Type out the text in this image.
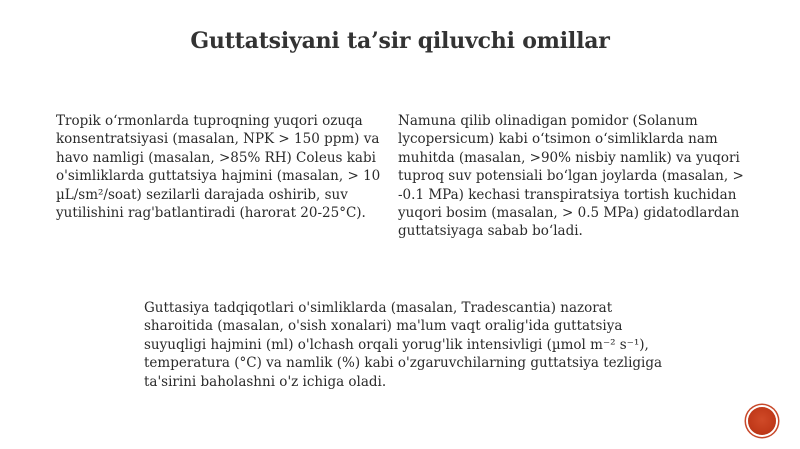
Guttatsiyani ta’sir qiluvchi omillar

Tropik oʻrmonlarda tuproqning yuqori ozuqa konsentratsiyasi (masalan, NPK > 150 ppm) va havo namligi (masalan, >85% RH) Coleus kabi o'simliklarda guttatsiya hajmini (masalan, > 10 µL/sm²/soat) sezilarli darajada oshirib, suv yutilishini rag'batlantiradi (harorat 20-25°C).

Namuna qilib olinadigan pomidor (Solanum lycopersicum) kabi oʻtsimon oʻsimliklarda nam muhitda (masalan, >90% nisbiy namlik) va yuqori tuproq suv potensiali boʻlgan joylarda (masalan, > -0.1 MPa) kechasi transpiratsiya tortish kuchidan yuqori bosim (masalan, > 0.5 MPa) gidatodlardan guttatsiyaga sabab boʻladi.

Guttasiya tadqiqotlari o'simliklarda (masalan, Tradescantia) nazorat sharoitida (masalan, o'sish xonalari) ma'lum vaqt oralig'ida guttatsiya suyuqligi hajmini (ml) o'lchash orqali yorug'lik intensivligi (µmol m⁻² s⁻¹), temperatura (°C) va namlik (%) kabi o'zgaruvchilarning guttatsiya tezligiga ta'sirini baholashni o'z ichiga oladi.
